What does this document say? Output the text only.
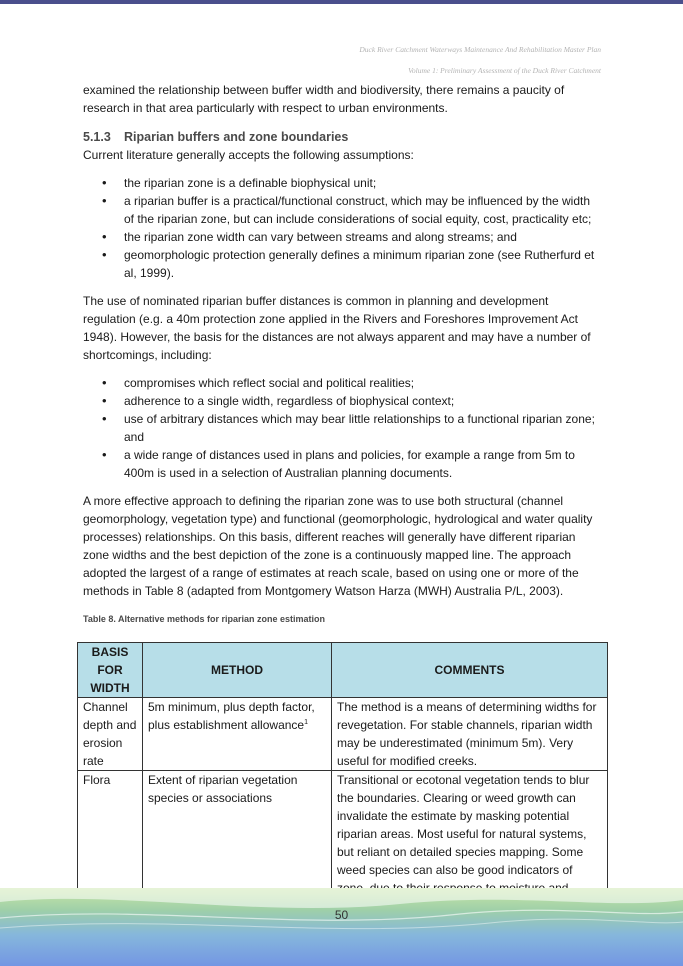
Duck River Catchment Waterways Maintenance And Rehabilitation Master Plan
Volume 1: Preliminary Assessment of the Duck River Catchment

examined the relationship between buffer width and biodiversity, there remains a paucity of research in that area particularly with respect to urban environments.

5.1.3 Riparian buffers and zone boundaries

Current literature generally accepts the following assumptions:

• the riparian zone is a definable biophysical unit;
• a riparian buffer is a practical/functional construct, which may be influenced by the width of the riparian zone, but can include considerations of social equity, cost, practicality etc;
• the riparian zone width can vary between streams and along streams; and
• geomorphologic protection generally defines a minimum riparian zone (see Rutherfurd et al, 1999).

The use of nominated riparian buffer distances is common in planning and development regulation (e.g. a 40m protection zone applied in the Rivers and Foreshores Improvement Act 1948). However, the basis for the distances are not always apparent and may have a number of shortcomings, including:

• compromises which reflect social and political realities;
• adherence to a single width, regardless of biophysical context;
• use of arbitrary distances which may bear little relationships to a functional riparian zone; and
• a wide range of distances used in plans and policies, for example a range from 5m to 400m is used in a selection of Australian planning documents.

A more effective approach to defining the riparian zone was to use both structural (channel geomorphology, vegetation type) and functional (geomorphologic, hydrological and water quality processes) relationships. On this basis, different reaches will generally have different riparian zone widths and the best depiction of the zone is a continuously mapped line. The approach adopted the largest of a range of estimates at reach scale, based on using one or more of the methods in Table 8 (adapted from Montgomery Watson Harza (MWH) Australia P/L, 2003).

Table 8. Alternative methods for riparian zone estimation
BASIS FOR WIDTH	METHOD	COMMENTS
Channel depth and erosion rate	5m minimum, plus depth factor, plus establishment allowance$^1$	The method is a means of determining widths for revegetation. For stable channels, riparian width may be underestimated (minimum 5m). Very useful for modified creeks.
Flora	Extent of riparian vegetation species or associations	Transitional or ecotonal vegetation tends to blur the boundaries. Clearing or weed growth can invalidate the estimate by masking potential riparian areas. Most useful for natural systems, but reliant on detailed species mapping. Some weed species can also be good indicators of
50
